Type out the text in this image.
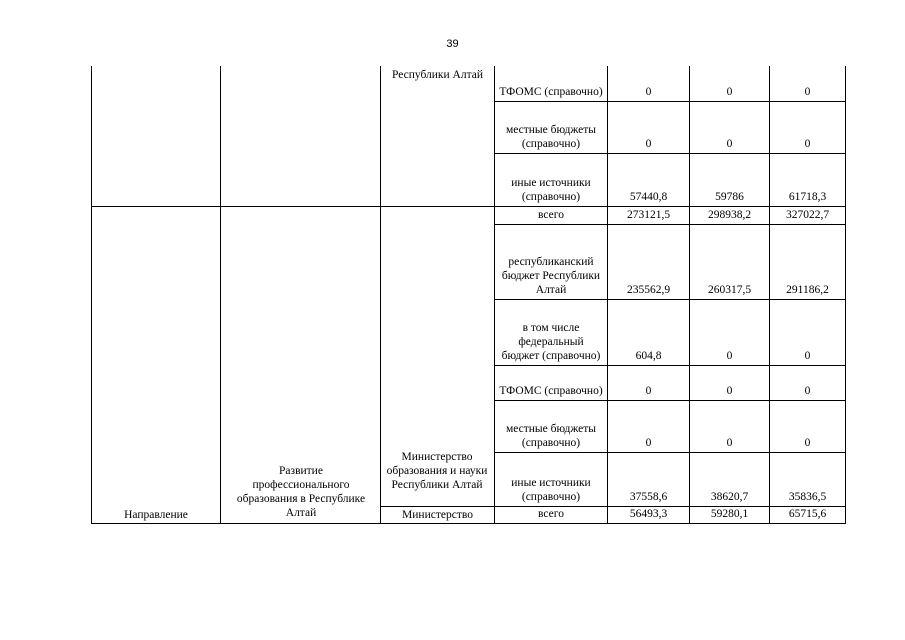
39
Республики Алтай
Направление
Развитие профессионального образования в Республике Алтай
Министерство образования и науки Республики Алтай
Министерство
ТФОМС (справочно)	0	0	0
местные бюджеты (справочно)	0	0	0
иные источники (справочно)	57440,8	59786	61718,3
всего	273121,5	298938,2	327022,7
республиканский бюджет Республики Алтай	235562,9	260317,5	291186,2
в том числе федеральный бюджет (справочно)	604,8	0	0
ТФОМС (справочно)	0	0	0
местные бюджеты (справочно)	0	0	0
иные источники (справочно)	37558,6	38620,7	35836,5
всего	56493,3	59280,1	65715,6
